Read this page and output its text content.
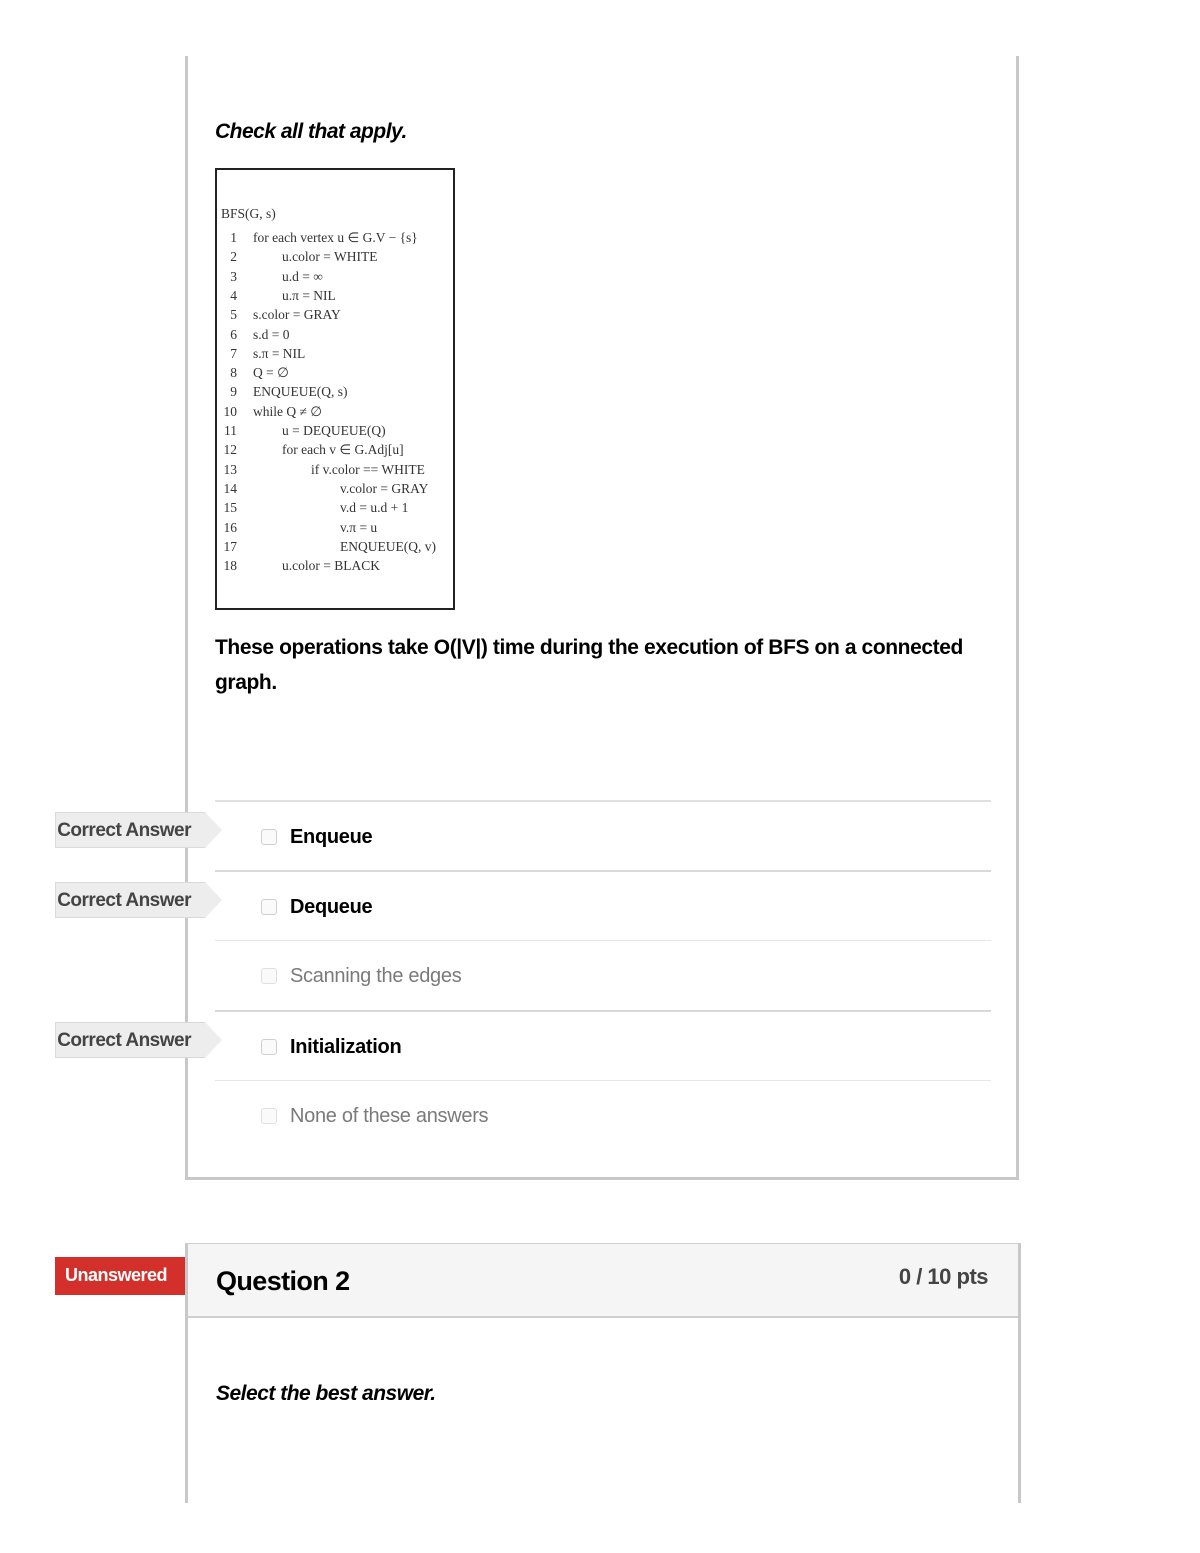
Check all that apply.
BFS(G, s)
1 for each vertex u ∈ G.V − {s}
2	u.color = WHITE
3	u.d = ∞
4	u.π = NIL
5 s.color = GRAY
6 s.d = 0
7 s.π = NIL
8 Q = ∅
9 ENQUEUE(Q, s)
10 while Q ≠ ∅
11	u = DEQUEUE(Q)
12	for each v ∈ G.Adj[u]
13	if v.color == WHITE
14	v.color = GRAY
15	v.d = u.d + 1
16	v.π = u
17	ENQUEUE(Q, v)
18	u.color = BLACK
These operations take O(|V|) time during the execution of BFS on a connected graph.
Enqueue
Dequeue
Scanning the edges
Initialization
None of these answers
Correct Answer
Correct Answer
Correct Answer
Unanswered Question 2	0 / 10 pts
Select the best answer.
